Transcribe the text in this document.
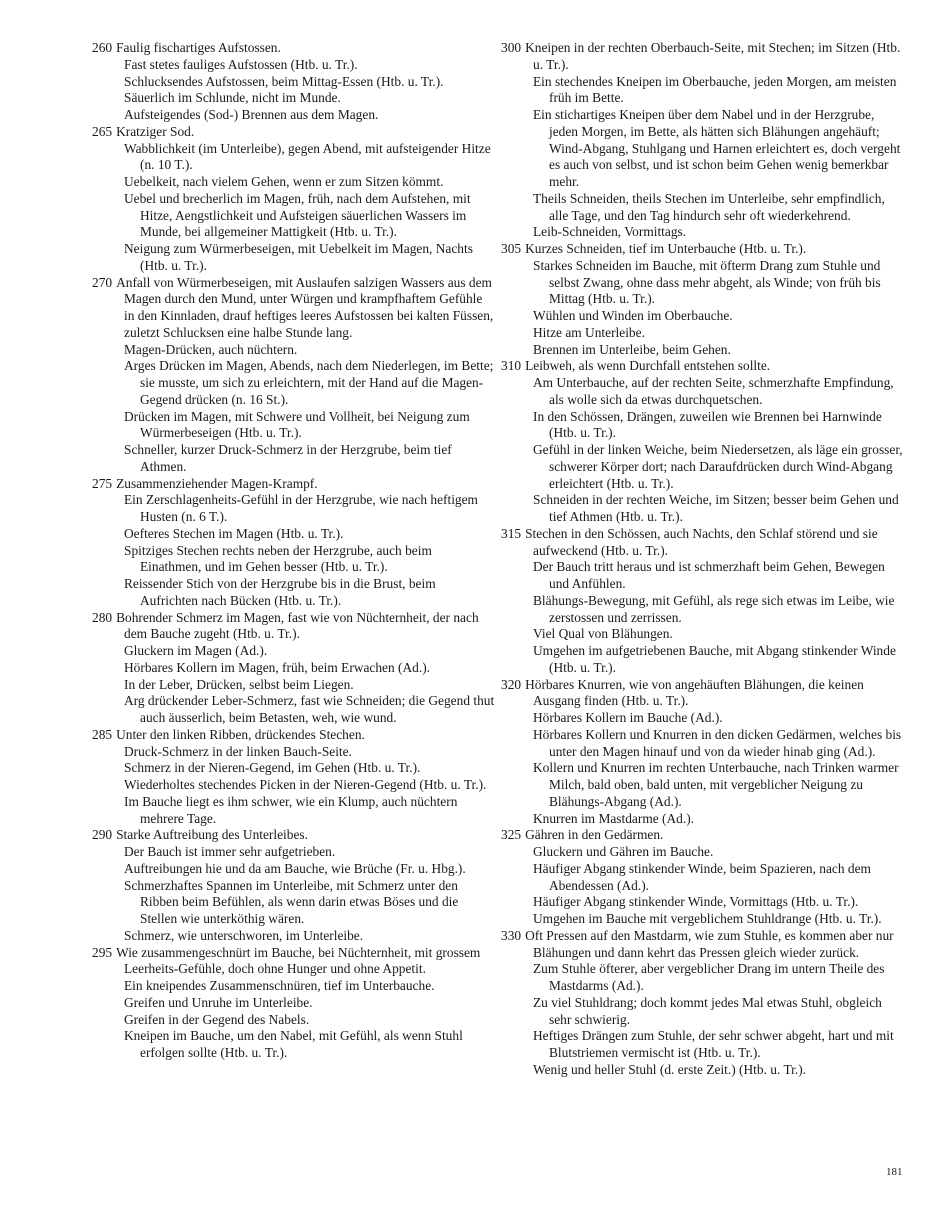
260 Faulig fischartiges Aufstossen.

Fast stetes fauliges Aufstossen (Htb. u. Tr.).

Schlucksendes Aufstossen, beim Mittag-Essen (Htb. u. Tr.).

Säuerlich im Schlunde, nicht im Munde.

Aufsteigendes (Sod-) Brennen aus dem Magen.

265 Kratziger Sod.

Wabblichkeit (im Unterleibe), gegen Abend, mit aufsteigender Hitze (n. 10 T.).

Uebelkeit, nach vielem Gehen, wenn er zum Sitzen kömmt.

Uebel und brecherlich im Magen, früh, nach dem Aufstehen, mit Hitze, Aengstlichkeit und Aufsteigen säuerlichen Wassers im Munde, bei allgemeiner Mattigkeit (Htb. u. Tr.).

Neigung zum Würmerbeseigen, mit Uebelkeit im Magen, Nachts (Htb. u. Tr.).

270 Anfall von Würmerbeseigen, mit Auslaufen salzigen Wassers aus dem Magen durch den Mund, unter Würgen und krampfhaftem Gefühle in den Kinnladen, drauf heftiges leeres Aufstossen bei kalten Füssen, zuletzt Schlucksen eine halbe Stunde lang.

Magen-Drücken, auch nüchtern.

Arges Drücken im Magen, Abends, nach dem Niederlegen, im Bette; sie musste, um sich zu erleichtern, mit der Hand auf die Magen-Gegend drücken (n. 16 St.).

Drücken im Magen, mit Schwere und Vollheit, bei Neigung zum Würmerbeseigen (Htb. u. Tr.).

Schneller, kurzer Druck-Schmerz in der Herzgrube, beim tief Athmen.

275 Zusammenziehender Magen-Krampf.

Ein Zerschlagenheits-Gefühl in der Herzgrube, wie nach heftigem Husten (n. 6 T.).

Oefteres Stechen im Magen (Htb. u. Tr.).

Spitziges Stechen rechts neben der Herzgrube, auch beim Einathmen, und im Gehen besser (Htb. u. Tr.).

Reissender Stich von der Herzgrube bis in die Brust, beim Aufrichten nach Bücken (Htb. u. Tr.).

280 Bohrender Schmerz im Magen, fast wie von Nüchternheit, der nach dem Bauche zugeht (Htb. u. Tr.).

Gluckern im Magen (Ad.).

Hörbares Kollern im Magen, früh, beim Erwachen (Ad.).

In der Leber, Drücken, selbst beim Liegen.

Arg drückender Leber-Schmerz, fast wie Schneiden; die Gegend thut auch äusserlich, beim Betasten, weh, wie wund.

285 Unter den linken Ribben, drückendes Stechen.

Druck-Schmerz in der linken Bauch-Seite.

Schmerz in der Nieren-Gegend, im Gehen (Htb. u. Tr.).

Wiederholtes stechendes Picken in der Nieren-Gegend (Htb. u. Tr.).

Im Bauche liegt es ihm schwer, wie ein Klump, auch nüchtern mehrere Tage.

290 Starke Auftreibung des Unterleibes.

Der Bauch ist immer sehr aufgetrieben.

Auftreibungen hie und da am Bauche, wie Brüche (Fr. u. Hbg.).

Schmerzhaftes Spannen im Unterleibe, mit Schmerz unter den Ribben beim Befühlen, als wenn darin etwas Böses und die Stellen wie unterköthig wären.

Schmerz, wie unterschworen, im Unterleibe.

295 Wie zusammengeschnürt im Bauche, bei Nüchternheit, mit grossem Leerheits-Gefühle, doch ohne Hunger und ohne Appetit.

Ein kneipendes Zusammenschnüren, tief im Unterbauche.

Greifen und Unruhe im Unterleibe.

Greifen in der Gegend des Nabels.

Kneipen im Bauche, um den Nabel, mit Gefühl, als wenn Stuhl erfolgen sollte (Htb. u. Tr.).

300 Kneipen in der rechten Oberbauch-Seite, mit Stechen; im Sitzen (Htb. u. Tr.).

Ein stechendes Kneipen im Oberbauche, jeden Morgen, am meisten früh im Bette.

Ein stichartiges Kneipen über dem Nabel und in der Herzgrube, jeden Morgen, im Bette, als hätten sich Blähungen angehäuft; Wind-Abgang, Stuhlgang und Harnen erleichtert es, doch vergeht es auch von selbst, und ist schon beim Gehen wenig bemerkbar mehr.

Theils Schneiden, theils Stechen im Unterleibe, sehr empfindlich, alle Tage, und den Tag hindurch sehr oft wiederkehrend.

Leib-Schneiden, Vormittags.

305 Kurzes Schneiden, tief im Unterbauche (Htb. u. Tr.).

Starkes Schneiden im Bauche, mit öfterm Drang zum Stuhle und selbst Zwang, ohne dass mehr abgeht, als Winde; von früh bis Mittag (Htb. u. Tr.).

Wühlen und Winden im Oberbauche.

Hitze am Unterleibe.

Brennen im Unterleibe, beim Gehen.

310 Leibweh, als wenn Durchfall entstehen sollte.

Am Unterbauche, auf der rechten Seite, schmerzhafte Empfindung, als wolle sich da etwas durchquetschen.

In den Schössen, Drängen, zuweilen wie Brennen bei Harnwinde (Htb. u. Tr.).

Gefühl in der linken Weiche, beim Niedersetzen, als läge ein grosser, schwerer Körper dort; nach Daraufdrücken durch Wind-Abgang erleichtert (Htb. u. Tr.).

Schneiden in der rechten Weiche, im Sitzen; besser beim Gehen und tief Athmen (Htb. u. Tr.).

315 Stechen in den Schössen, auch Nachts, den Schlaf störend und sie aufweckend (Htb. u. Tr.).

Der Bauch tritt heraus und ist schmerzhaft beim Gehen, Bewegen und Anfühlen.

Blähungs-Bewegung, mit Gefühl, als rege sich etwas im Leibe, wie zerstossen und zerrissen.

Viel Qual von Blähungen.

Umgehen im aufgetriebenen Bauche, mit Abgang stinkender Winde (Htb. u. Tr.).

320 Hörbares Knurren, wie von angehäuften Blähungen, die keinen Ausgang finden (Htb. u. Tr.).

Hörbares Kollern im Bauche (Ad.).

Hörbares Kollern und Knurren in den dicken Gedärmen, welches bis unter den Magen hinauf und von da wieder hinab ging (Ad.).

Kollern und Knurren im rechten Unterbauche, nach Trinken warmer Milch, bald oben, bald unten, mit vergeblicher Neigung zu Blähungs-Abgang (Ad.).

Knurren im Mastdarme (Ad.).

325 Gähren in den Gedärmen.

Gluckern und Gähren im Bauche.

Häufiger Abgang stinkender Winde, beim Spazieren, nach dem Abendessen (Ad.).

Häufiger Abgang stinkender Winde, Vormittags (Htb. u. Tr.).

Umgehen im Bauche mit vergeblichem Stuhldrange (Htb. u. Tr.).

330 Oft Pressen auf den Mastdarm, wie zum Stuhle, es kommen aber nur Blähungen und dann kehrt das Pressen gleich wieder zurück.

Zum Stuhle öfterer, aber vergeblicher Drang im untern Theile des Mastdarms (Ad.).

Zu viel Stuhldrang; doch kommt jedes Mal etwas Stuhl, obgleich sehr schwierig.

Heftiges Drängen zum Stuhle, der sehr schwer abgeht, hart und mit Blutstriemen vermischt ist (Htb. u. Tr.).

Wenig und heller Stuhl (d. erste Zeit.) (Htb. u. Tr.).

181
